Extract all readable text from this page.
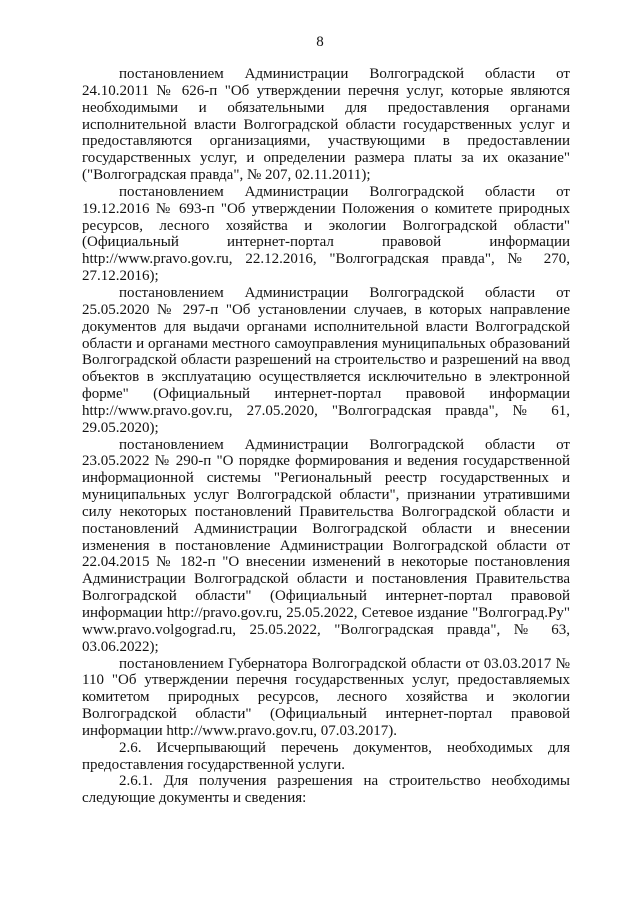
8

постановлением Администрации Волгоградской области от 24.10.2011 № 626-п "Об утверждении перечня услуг, которые являются необходимыми и обязательными для предоставления органами исполнительной власти Волгоградской области государственных услуг и предоставляются организациями, участвующими в предоставлении государственных услуг, и определении размера платы за их оказание" ("Волгоградская правда", № 207, 02.11.2011);

постановлением Администрации Волгоградской области от 19.12.2016 № 693-п "Об утверждении Положения о комитете природных ресурсов, лесного хозяйства и экологии Волгоградской области" (Официальный интернет-портал правовой информации http://www.pravo.gov.ru, 22.12.2016, "Волгоградская правда", № 270, 27.12.2016);

постановлением Администрации Волгоградской области от 25.05.2020 № 297-п "Об установлении случаев, в которых направление документов для выдачи органами исполнительной власти Волгоградской области и органами местного самоуправления муниципальных образований Волгоградской области разрешений на строительство и разрешений на ввод объектов в эксплуатацию осуществляется исключительно в электронной форме" (Официальный интернет-портал правовой информации http://www.pravo.gov.ru, 27.05.2020, "Волгоградская правда", № 61, 29.05.2020);

постановлением Администрации Волгоградской области от 23.05.2022 № 290-п "О порядке формирования и ведения государственной информационной системы "Региональный реестр государственных и муниципальных услуг Волгоградской области", признании утратившими силу некоторых постановлений Правительства Волгоградской области и постановлений Администрации Волгоградской области и внесении изменения в постановление Администрации Волгоградской области от 22.04.2015 № 182-п "О внесении изменений в некоторые постановления Администрации Волгоградской области и постановления Правительства Волгоградской области" (Официальный интернет-портал правовой информации http://pravo.gov.ru, 25.05.2022, Сетевое издание "Волгоград.Ру" www.pravo.volgograd.ru, 25.05.2022, "Волгоградская правда", № 63, 03.06.2022);

постановлением Губернатора Волгоградской области от 03.03.2017 № 110 "Об утверждении перечня государственных услуг, предоставляемых комитетом природных ресурсов, лесного хозяйства и экологии Волгоградской области" (Официальный интернет-портал правовой информации http://www.pravo.gov.ru, 07.03.2017).

2.6. Исчерпывающий перечень документов, необходимых для предоставления государственной услуги.

2.6.1. Для получения разрешения на строительство необходимы следующие документы и сведения:
